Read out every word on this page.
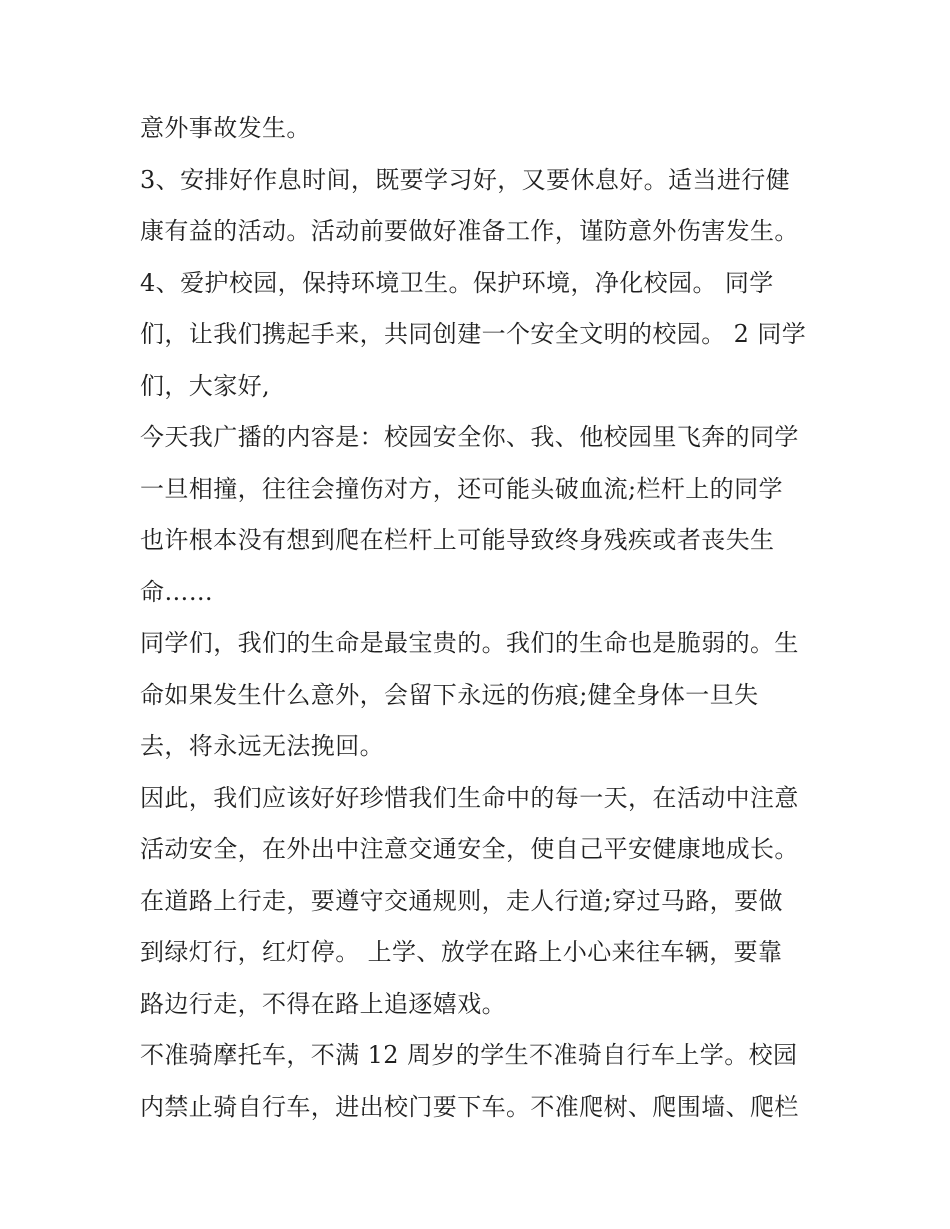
意外事故发生。
3、安排好作息时间，既要学习好，又要休息好。适当进行健
康有益的活动。活动前要做好准备工作，谨防意外伤害发生。
4、爱护校园，保持环境卫生。保护环境，净化校园。 同学
们，让我们携起手来，共同创建一个安全文明的校园。 2 同学
们，大家好,
今天我广播的内容是：校园安全你、我、他校园里飞奔的同学
一旦相撞，往往会撞伤对方，还可能头破血流;栏杆上的同学
也许根本没有想到爬在栏杆上可能导致终身残疾或者丧失生
命……
同学们，我们的生命是最宝贵的。我们的生命也是脆弱的。生
命如果发生什么意外，会留下永远的伤痕;健全身体一旦失
去，将永远无法挽回。
因此，我们应该好好珍惜我们生命中的每一天，在活动中注意
活动安全，在外出中注意交通安全，使自己平安健康地成长。
在道路上行走，要遵守交通规则，走人行道;穿过马路，要做
到绿灯行，红灯停。 上学、放学在路上小心来往车辆，要靠
路边行走，不得在路上追逐嬉戏。
不准骑摩托车，不满 12 周岁的学生不准骑自行车上学。校园
内禁止骑自行车，进出校门要下车。不准爬树、爬围墙、爬栏
